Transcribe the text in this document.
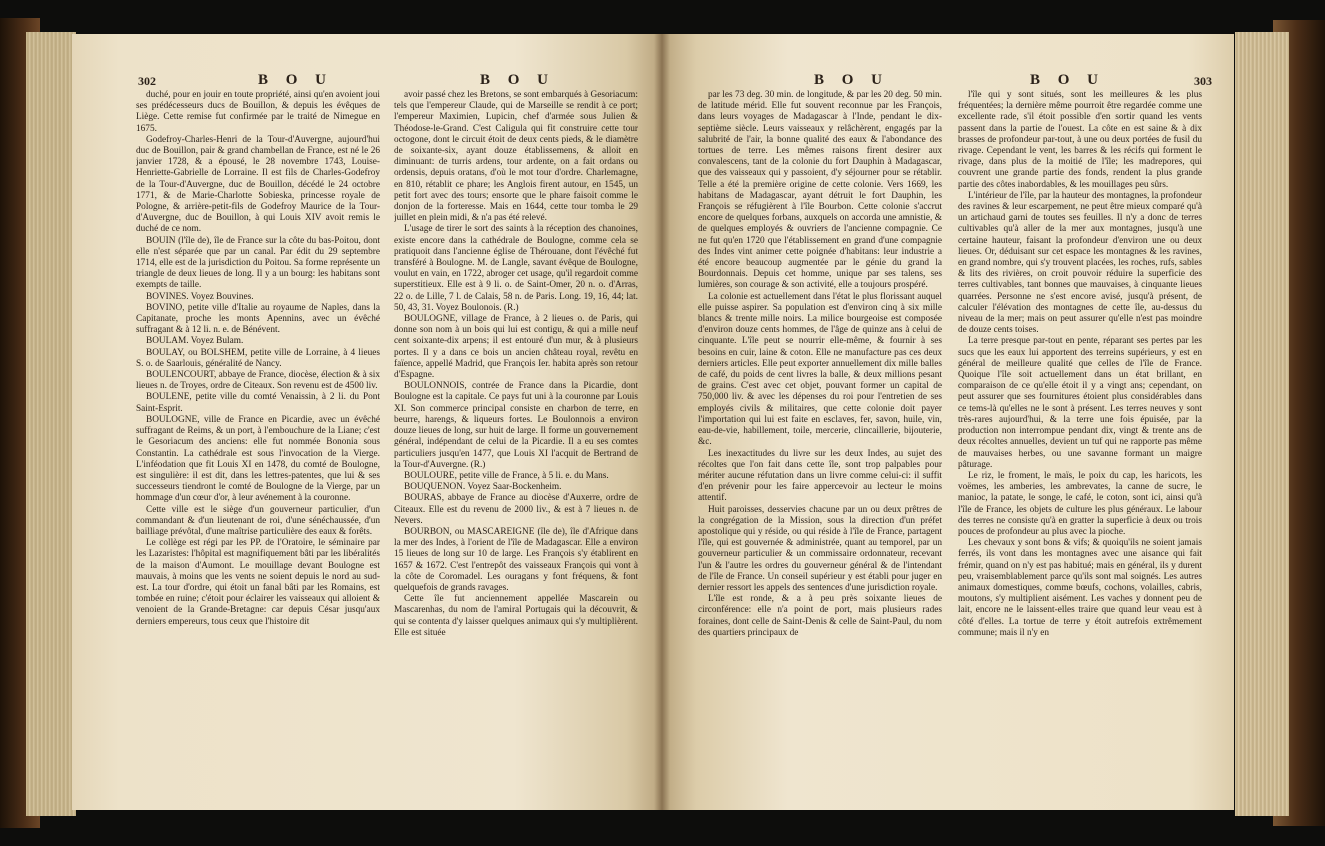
302	B O U	B O U

duché, pour en jouir en toute propriété, ainsi qu'en avoient joui ses prédécesseurs ducs de Bouillon, & depuis les évêques de Liège. Cette remise fut confirmée par le traité de Nimegue en 1675.

Godefroy-Charles-Henri de la Tour-d'Auvergne, aujourd'hui duc de Bouillon, pair & grand chambellan de France, est né le 26 janvier 1728, & a épousé, le 28 novembre 1743, Louise-Henriette-Gabrielle de Lorraine. Il est fils de Charles-Godefroy de la Tour-d'Auvergne, duc de Bouillon, décédé le 24 octobre 1771, & de Marie-Charlotte Sobieska, princesse royale de Pologne, & arrière-petit-fils de Godefroy Maurice de la Tour-d'Auvergne, duc de Bouillon, à qui Louis XIV avoit remis le duché de ce nom.

BOUIN (l'île de), île de France sur la côte du bas-Poitou, dont elle n'est séparée que par un canal. Par édit du 29 septembre 1714, elle est de la jurisdiction du Poitou. Sa forme représente un triangle de deux lieues de long. Il y a un bourg: les habitans sont exempts de taille.

BOVINES. Voyez Bouvines.

BOVINO, petite ville d'Italie au royaume de Naples, dans la Capitanate, proche les monts Apennins, avec un évêché suffragant & à 12 li. n. e. de Bénévent.

BOULAM. Voyez Bulam.

BOULAY, ou BOLSHEM, petite ville de Lorraine, à 4 lieues S. o. de Saarlouis, généralité de Nancy.

BOULENCOURT, abbaye de France, diocèse, élection & à six lieues n. de Troyes, ordre de Citeaux. Son revenu est de 4500 liv.

BOULENE, petite ville du comté Venaissin, à 2 li. du Pont Saint-Esprit.

BOULOGNE, ville de France en Picardie, avec un évêché suffragant de Reims, & un port, à l'embouchure de la Liane; c'est le Gesoriacum des anciens: elle fut nommée Bononia sous Constantin. La cathédrale est sous l'invocation de la Vierge. L'inféodation que fit Louis XI en 1478, du comté de Boulogne, est singulière: il est dit, dans les lettres-patentes, que lui & ses successeurs tiendront le comté de Boulogne de la Vierge, par un hommage d'un cœur d'or, à leur avénement à la couronne.

Cette ville est le siège d'un gouverneur particulier, d'un commandant & d'un lieutenant de roi, d'une sénéchaussée, d'un bailliage prévôtal, d'une maîtrise particulière des eaux & forêts.

Le collège est régi par les PP. de l'Oratoire, le séminaire par les Lazaristes: l'hôpital est magnifiquement bâti par les libéralités de la maison d'Aumont. Le mouillage devant Boulogne est mauvais, à moins que les vents ne soient depuis le nord au sud-est. La tour d'ordre, qui étoit un fanal bâti par les Romains, est tombée en ruine; c'étoit pour éclairer les vaisseaux qui alloient & venoient de la Grande-Bretagne: car depuis César jusqu'aux derniers empereurs, tous ceux que l'histoire dit

avoir passé chez les Bretons, se sont embarqués à Gesoriacum: tels que l'empereur Claude, qui de Marseille se rendit à ce port; l'empereur Maximien, Lupicin, chef d'armée sous Julien & Théodose-le-Grand. C'est Caligula qui fit construire cette tour octogone, dont le circuit étoit de deux cents pieds, & le diamètre de soixante-six, ayant douze établissemens, & alloit en diminuant: de turris ardens, tour ardente, on a fait ordans ou ordensis, depuis oratans, d'où le mot tour d'ordre. Charlemagne, en 810, rétablit ce phare; les Anglois firent autour, en 1545, un petit fort avec des tours; ensorte que le phare faisoit comme le donjon de la forteresse. Mais en 1644, cette tour tomba le 29 juillet en plein midi, & n'a pas été relevé.

L'usage de tirer le sort des saints à la réception des chanoines, existe encore dans la cathédrale de Boulogne, comme cela se pratiquoit dans l'ancienne église de Thérouane, dont l'évêché fut transféré à Boulogne. M. de Langle, savant évêque de Boulogne, voulut en vain, en 1722, abroger cet usage, qu'il regardoit comme superstitieux. Elle est à 9 li. o. de Saint-Omer, 20 n. o. d'Arras, 22 o. de Lille, 7 l. de Calais, 58 n. de Paris. Long. 19, 16, 44; lat. 50, 43, 31. Voyez Boulonois. (R.)

BOULOGNE, village de France, à 2 lieues o. de Paris, qui donne son nom à un bois qui lui est contigu, & qui a mille neuf cent soixante-dix arpens; il est entouré d'un mur, & à plusieurs portes. Il y a dans ce bois un ancien château royal, revêtu en faïence, appellé Madrid, que François Ier. habita après son retour d'Espagne.

BOULONNOIS, contrée de France dans la Picardie, dont Boulogne est la capitale. Ce pays fut uni à la couronne par Louis XI. Son commerce principal consiste en charbon de terre, en beurre, harengs, & liqueurs fortes. Le Boulonnois a environ douze lieues de long, sur huit de large. Il forme un gouvernement général, indépendant de celui de la Picardie. Il a eu ses comtes particuliers jusqu'en 1477, que Louis XI l'acquit de Bertrand de la Tour-d'Auvergne. (R.)

BOULOURE, petite ville de France, à 5 li. e. du Mans.

BOUQUENON. Voyez Saar-Bockenheim.

BOURAS, abbaye de France au diocèse d'Auxerre, ordre de Citeaux. Elle est du revenu de 2000 liv., & est à 7 lieues n. de Nevers.

BOURBON, ou MASCAREIGNE (île de), île d'Afrique dans la mer des Indes, à l'orient de l'île de Madagascar. Elle a environ 15 lieues de long sur 10 de large. Les François s'y établirent en 1657 & 1672. C'est l'entrepôt des vaisseaux François qui vont à la côte de Coromadel. Les ouragans y font fréquens, & font quelquefois de grands ravages.

Cette île fut anciennement appellée Mascarein ou Mascarenhas, du nom de l'amiral Portugais qui la découvrit, & qui se contenta d'y laisser quelques animaux qui s'y multiplièrent. Elle est située

B O U	B O U	303

par les 73 deg. 30 min. de longitude, & par les 20 deg. 50 min. de latitude mérid. Elle fut souvent reconnue par les François, dans leurs voyages de Madagascar à l'Inde, pendant le dix-septième siècle. Leurs vaisseaux y relâchèrent, engagés par la salubrité de l'air, la bonne qualité des eaux & l'abondance des tortues de terre. Les mêmes raisons firent desirer aux convalescens, tant de la colonie du fort Dauphin à Madagascar, que des vaisseaux qui y passoient, d'y séjourner pour se rétablir. Telle a été la première origine de cette colonie. Vers 1669, les habitans de Madagascar, ayant détruit le fort Dauphin, les François se réfugièrent à l'île Bourbon. Cette colonie s'accrut encore de quelques forbans, auxquels on accorda une amnistie, & de quelques employés & ouvriers de l'ancienne compagnie. Ce ne fut qu'en 1720 que l'établissement en grand d'une compagnie des Indes vint animer cette poignée d'habitans: leur industrie a été encore beaucoup augmentée par le génie du grand la Bourdonnais. Depuis cet homme, unique par ses talens, ses lumières, son courage & son activité, elle a toujours prospéré.

La colonie est actuellement dans l'état le plus florissant auquel elle puisse aspirer. Sa population est d'environ cinq à six mille blancs & trente mille noirs. La milice bourgeoise est composée d'environ douze cents hommes, de l'âge de quinze ans à celui de cinquante. L'île peut se nourrir elle-même, & fournir à ses besoins en cuir, laine & coton. Elle ne manufacture pas ces deux derniers articles. Elle peut exporter annuellement dix mille balles de café, du poids de cent livres la balle, & deux millions pesant de grains. C'est avec cet objet, pouvant former un capital de 750,000 liv. & avec les dépenses du roi pour l'entretien de ses employés civils & militaires, que cette colonie doit payer l'importation qui lui est faite en esclaves, fer, savon, huile, vin, eau-de-vie, habillement, toile, mercerie, clincaillerie, bijouterie, &c.

Les inexactitudes du livre sur les deux Indes, au sujet des récoltes que l'on fait dans cette île, sont trop palpables pour mériter aucune réfutation dans un livre comme celui-ci: il suffit d'en prévenir pour les faire appercevoir au lecteur le moins attentif.

Huit paroisses, desservies chacune par un ou deux prêtres de la congrégation de la Mission, sous la direction d'un préfet apostolique qui y réside, ou qui réside à l'île de France, partagent l'île, qui est gouvernée & administrée, quant au temporel, par un gouverneur particulier & un commissaire ordonnateur, recevant l'un & l'autre les ordres du gouverneur général & de l'intendant de l'île de France. Un conseil supérieur y est établi pour juger en dernier ressort les appels des sentences d'une jurisdiction royale.

L'île est ronde, & a à peu près soixante lieues de circonférence: elle n'a point de port, mais plusieurs rades foraines, dont celle de Saint-Denis & celle de Saint-Paul, du nom des quartiers principaux de

l'île qui y sont situés, sont les meilleures & les plus fréquentées; la dernière même pourroit être regardée comme une excellente rade, s'il étoit possible d'en sortir quand les vents passent dans la partie de l'ouest. La côte en est saine & à dix brasses de profondeur par-tout, à une ou deux portées de fusil du rivage. Cependant le vent, les barres & les récifs qui forment le rivage, dans plus de la moitié de l'île; les madrepores, qui couvrent une grande partie des fonds, rendent la plus grande partie des côtes inabordables, & les mouillages peu sûrs.

L'intérieur de l'île, par la hauteur des montagnes, la profondeur des ravines & leur escarpement, ne peut être mieux comparé qu'à un artichaud garni de toutes ses feuilles. Il n'y a donc de terres cultivables qu'à aller de la mer aux montagnes, jusqu'à une certaine hauteur, faisant la profondeur d'environ une ou deux lieues. Or, déduisant sur cet espace les montagnes & les ravines, en grand nombre, qui s'y trouvent placées, les roches, rufs, sables & lits des rivières, on croit pouvoir réduire la superficie des terres cultivables, tant bonnes que mauvaises, à cinquante lieues quarrées. Personne ne s'est encore avisé, jusqu'à présent, de calculer l'élévation des montagnes de cette île, au-dessus du niveau de la mer; mais on peut assurer qu'elle n'est pas moindre de douze cents toises.

La terre presque par-tout en pente, réparant ses pertes par les sucs que les eaux lui apportent des terreins supérieurs, y est en général de meilleure qualité que celles de l'île de France. Quoique l'île soit actuellement dans un état brillant, en comparaison de ce qu'elle étoit il y a vingt ans; cependant, on peut assurer que ses fournitures étoient plus considérables dans ce tems-là qu'elles ne le sont à présent. Les terres neuves y sont très-rares aujourd'hui, & la terre une fois épuisée, par la production non interrompue pendant dix, vingt & trente ans de deux récoltes annuelles, devient un tuf qui ne rapporte pas même de mauvaises herbes, ou une savanne formant un maigre pâturage.

Le riz, le froment, le maïs, le poix du cap, les haricots, les voëmes, les amberies, les ambrevates, la canne de sucre, le manioc, la patate, le songe, le café, le coton, sont ici, ainsi qu'à l'île de France, les objets de culture les plus généraux. Le labour des terres ne consiste qu'à en gratter la superficie à deux ou trois pouces de profondeur au plus avec la pioche.

Les chevaux y sont bons & vifs; & quoiqu'ils ne soient jamais ferrés, ils vont dans les montagnes avec une aisance qui fait frémir, quand on n'y est pas habitué; mais en général, ils y durent peu, vraisemblablement parce qu'ils sont mal soignés. Les autres animaux domestiques, comme bœufs, cochons, volailles, cabris, moutons, s'y multiplient aisément. Les vaches y donnent peu de lait, encore ne le laissent-elles traire que quand leur veau est à côté d'elles. La tortue de terre y étoit autrefois extrêmement commune; mais il n'y en
